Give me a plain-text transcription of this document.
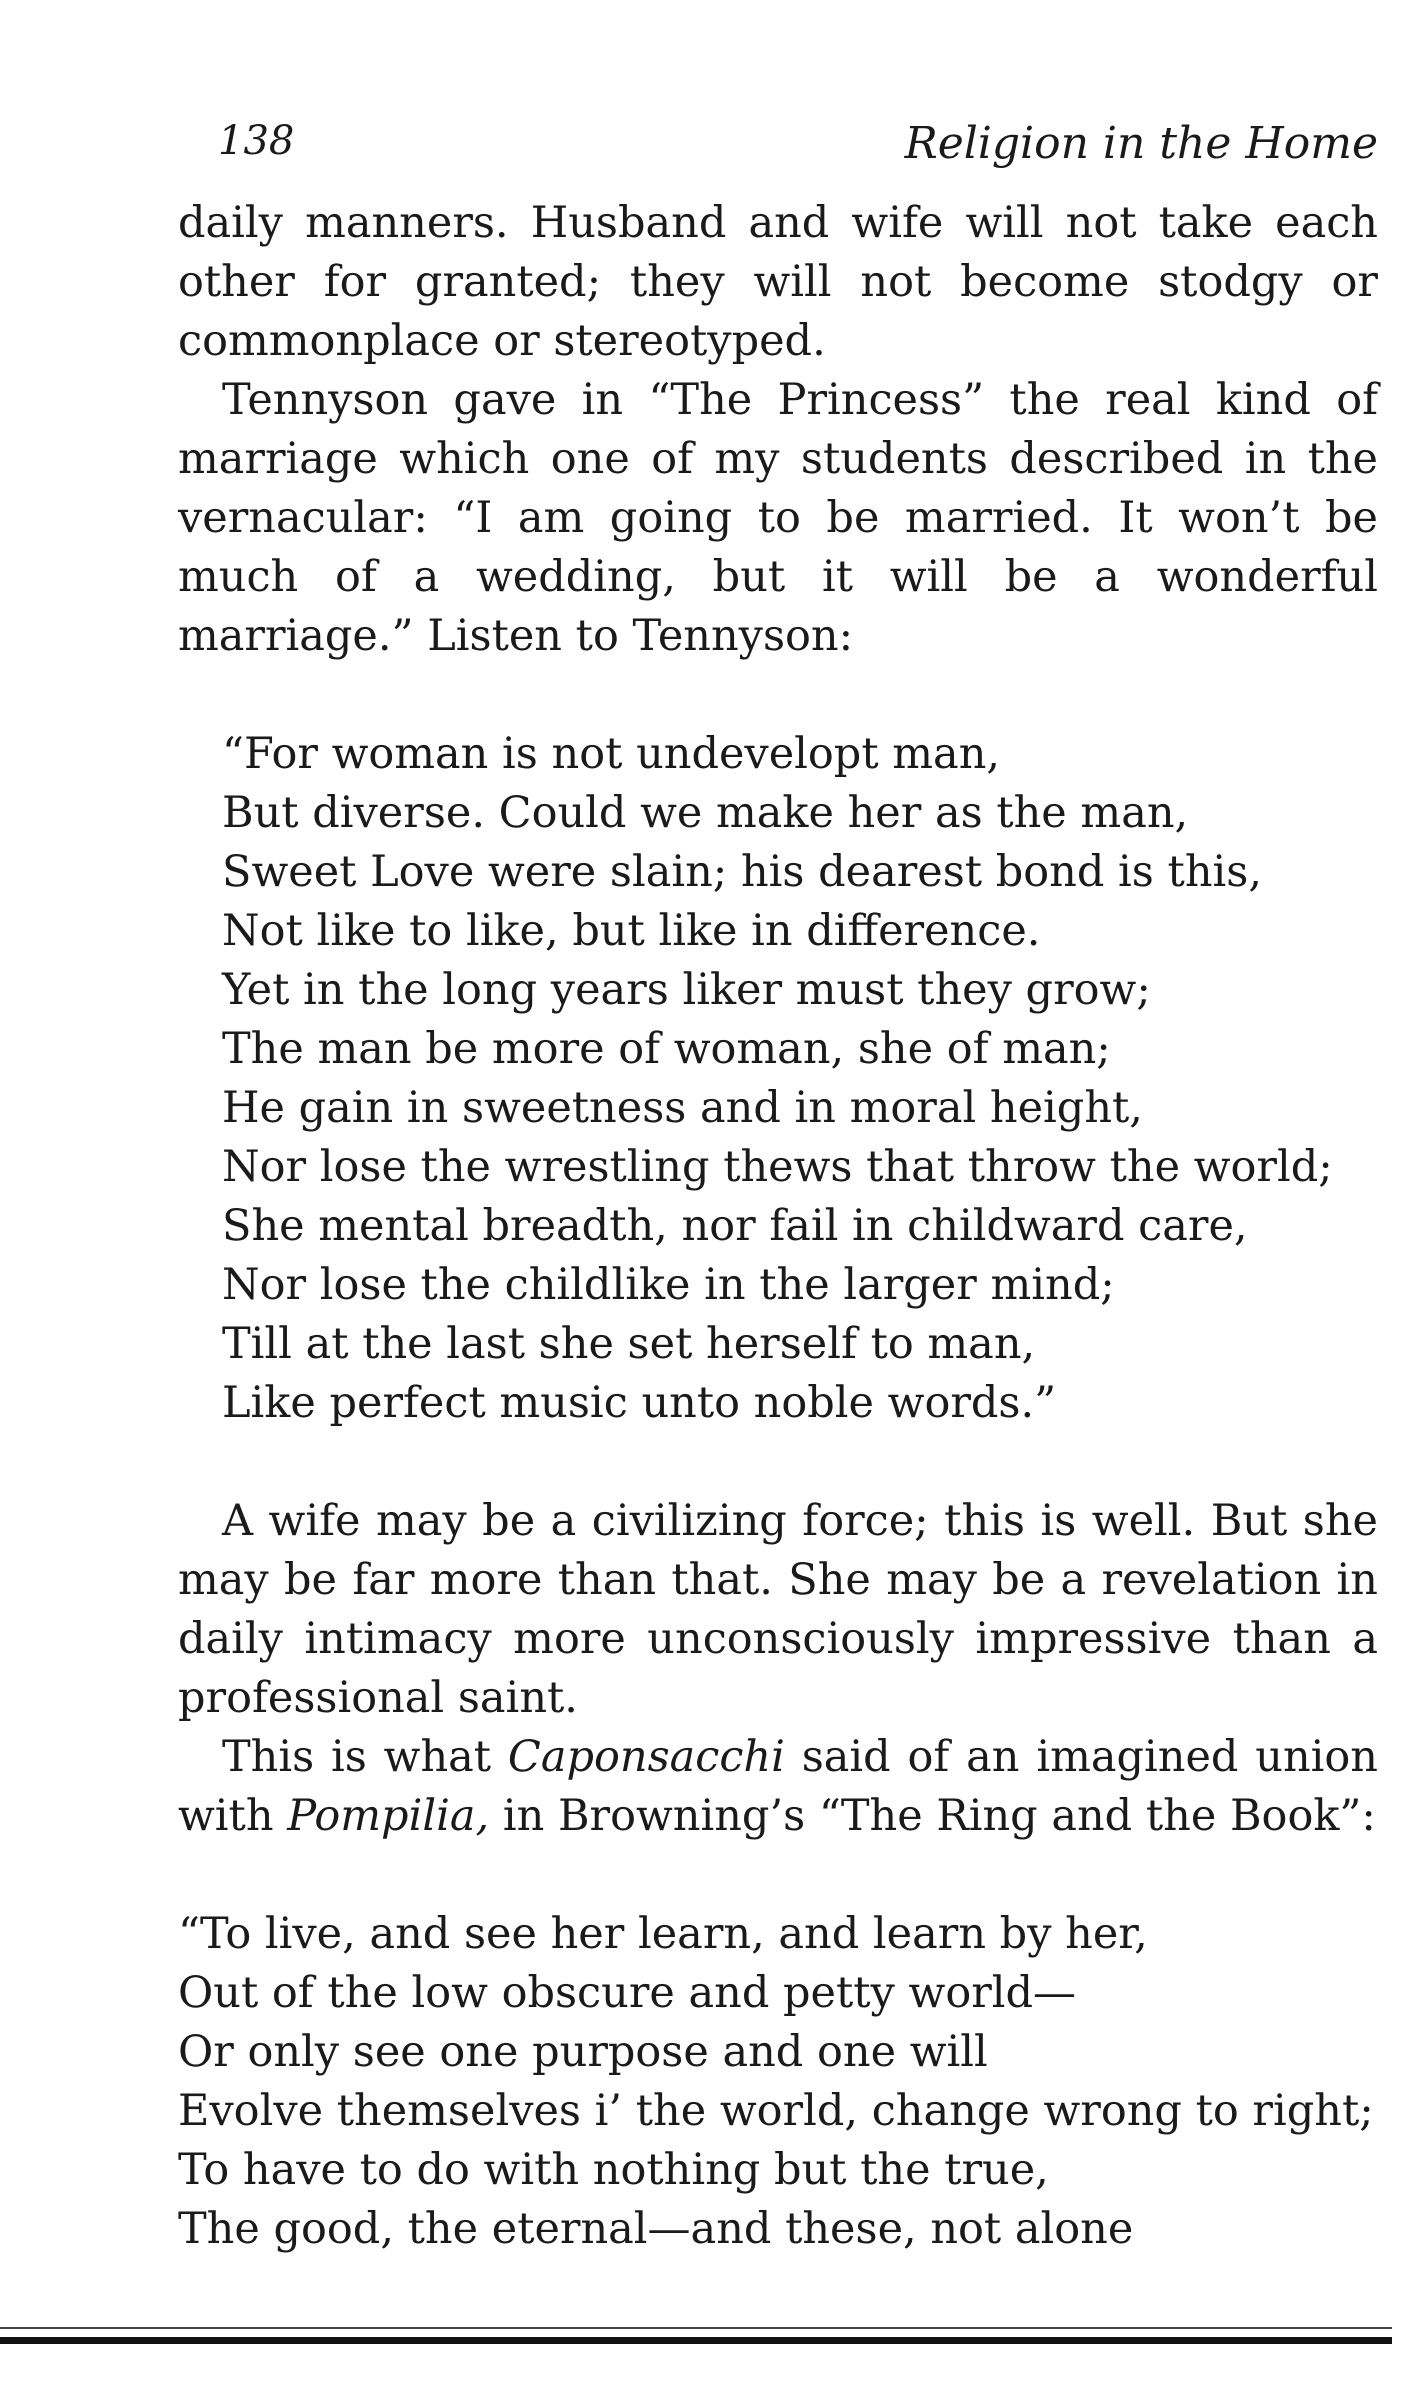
138	Religion in the Home

daily manners. Husband and wife will not take each other for granted; they will not become stodgy or commonplace or stereotyped.

Tennyson gave in “The Princess” the real kind of marriage which one of my students described in the vernacular: “I am going to be married. It won’t be much of a wedding, but it will be a wonderful marriage.” Listen to Tennyson:

“For woman is not undevelopt man,
But diverse. Could we make her as the man,
Sweet Love were slain; his dearest bond is this,
Not like to like, but like in difference.
Yet in the long years liker must they grow;
The man be more of woman, she of man;
He gain in sweetness and in moral height,
Nor lose the wrestling thews that throw the world;
She mental breadth, nor fail in childward care,
Nor lose the childlike in the larger mind;
Till at the last she set herself to man,
Like perfect music unto noble words.”

A wife may be a civilizing force; this is well. But she may be far more than that. She may be a revelation in daily intimacy more unconsciously impressive than a professional saint.

This is what Caponsacchi said of an imagined union with Pompilia, in Browning’s “The Ring and the Book”:

“To live, and see her learn, and learn by her,
Out of the low obscure and petty world—
Or only see one purpose and one will
Evolve themselves i’ the world, change wrong to right;
To have to do with nothing but the true,
The good, the eternal—and these, not alone
